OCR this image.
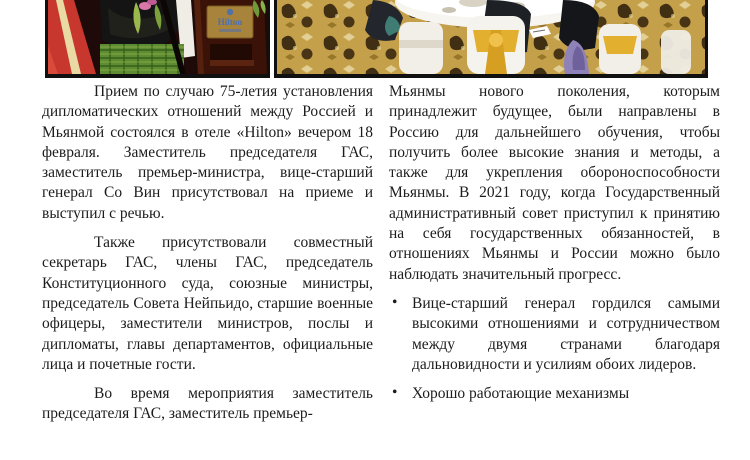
Hilton

Прием по случаю 75-летия установления дипломатических отношений между Россией и Мьянмой состоялся в отеле «Hilton» вечером 18 февраля. Заместитель председателя ГАС, заместитель премьер-министра, вице-старший генерал Со Вин присутствовал на приеме и выступил с речью.

Также присутствовали совместный секретарь ГАС, члены ГАС, председатель Конституционного суда, союзные министры, председатель Совета Нейпьидо, старшие военные офицеры, заместители министров, послы и дипломаты, главы департаментов, официальные лица и почетные гости.

Во время мероприятия заместитель председателя ГАС, заместитель премьер-

Мьянмы нового поколения, которым принадлежит будущее, были направлены в Россию для дальнейшего обучения, чтобы получить более высокие знания и методы, а также для укрепления обороноспособности Мьянмы. В 2021 году, когда Государственный административный совет приступил к принятию на себя государственных обязанностей, в отношениях Мьянмы и России можно было наблюдать значительный прогресс.

• Вице-старший генерал гордился самыми высокими отношениями и сотрудничеством между двумя странами благодаря дальновидности и усилиям обоих лидеров.
• Хорошо работающие механизмы
